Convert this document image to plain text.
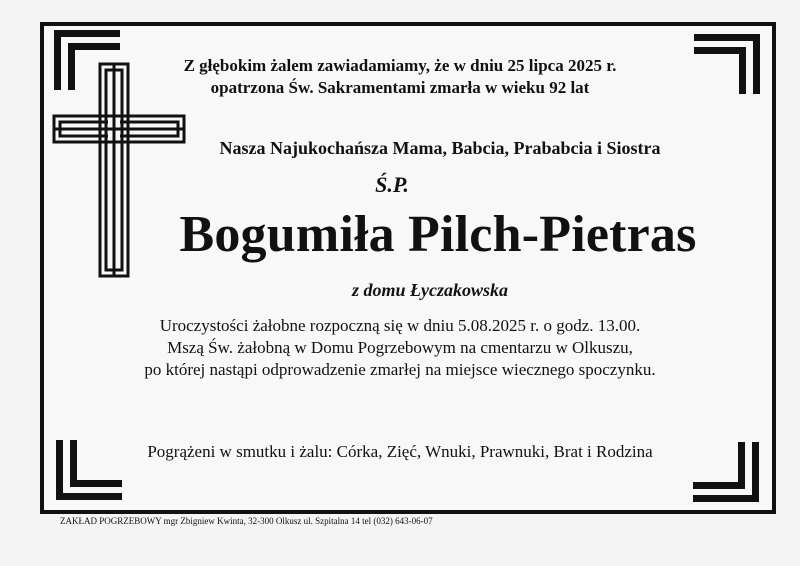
Z głębokim żalem zawiadamiamy, że w dniu 25 lipca 2025 r.
opatrzona Św. Sakramentami zmarła w wieku 92 lat
Nasza Najukochańsza Mama, Babcia, Prababcia i Siostra
Ś.P.
Bogumiła Pilch-Pietras
z domu Łyczakowska
Uroczystości żałobne rozpoczną się w dniu 5.08.2025 r. o godz. 13.00.
Mszą Św. żałobną w Domu Pogrzebowym na cmentarzu w Olkuszu,
po której nastąpi odprowadzenie zmarłej na miejsce wiecznego spoczynku.
Pogrążeni w smutku i żalu: Córka, Zięć, Wnuki, Prawnuki, Brat i Rodzina
ZAKŁAD POGRZEBOWY mgr Zbigniew Kwinta, 32-300 Olkusz ul. Szpitalna 14 tel (032) 643-06-07
